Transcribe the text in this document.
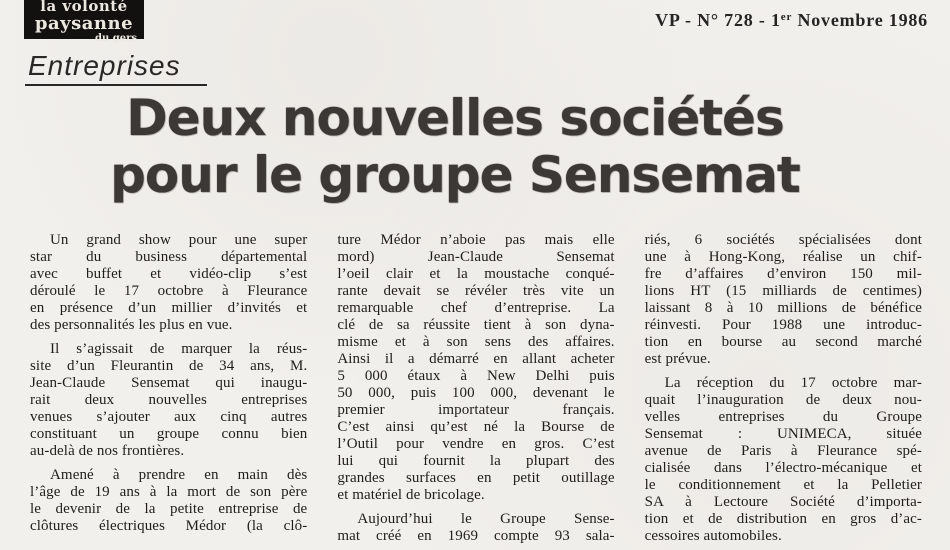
la volonté
paysanne
du gers
VP - N° 728 - 1er Novembre 1986
Entreprises
Deux nouvelles sociétés
pour le groupe Sensemat
Un grand show pour une super
star du business départemental
avec buffet et vidéo-clip s’est
déroulé le 17 octobre à Fleurance
en présence d’un millier d’invités et
des personnalités les plus en vue.
Il s’agissait de marquer la réus-
site d’un Fleurantin de 34 ans, M.
Jean-Claude Sensemat qui inaugu-
rait deux nouvelles entreprises
venues s’ajouter aux cinq autres
constituant un groupe connu bien
au-delà de nos frontières.
Amené à prendre en main dès
l’âge de 19 ans à la mort de son père
le devenir de la petite entreprise de
clôtures électriques Médor (la clô-
ture Médor n’aboie pas mais elle
mord) Jean-Claude Sensemat
l’oeil clair et la moustache conqué-
rante devait se révéler très vite un
remarquable chef d’entreprise. La
clé de sa réussite tient à son dyna-
misme et à son sens des affaires.
Ainsi il a démarré en allant acheter
5 000 étaux à New Delhi puis
50 000, puis 100 000, devenant le
premier importateur français.
C’est ainsi qu’est né la Bourse de
l’Outil pour vendre en gros. C’est
lui qui fournit la plupart des
grandes surfaces en petit outillage
et matériel de bricolage.
Aujourd’hui le Groupe Sense-
mat créé en 1969 compte 93 sala-
riés, 6 sociétés spécialisées dont
une à Hong-Kong, réalise un chif-
fre d’affaires d’environ 150 mil-
lions HT (15 milliards de centimes)
laissant 8 à 10 millions de bénéfice
réinvesti. Pour 1988 une introduc-
tion en bourse au second marché
est prévue.
La réception du 17 octobre mar-
quait l’inauguration de deux nou-
velles entreprises du Groupe
Sensemat : UNIMECA, située
avenue de Paris à Fleurance spé-
cialisée dans l’électro-mécanique et
le conditionnement et la Pelletier
SA à Lectoure Société d’importa-
tion et de distribution en gros d’ac-
cessoires automobiles.
